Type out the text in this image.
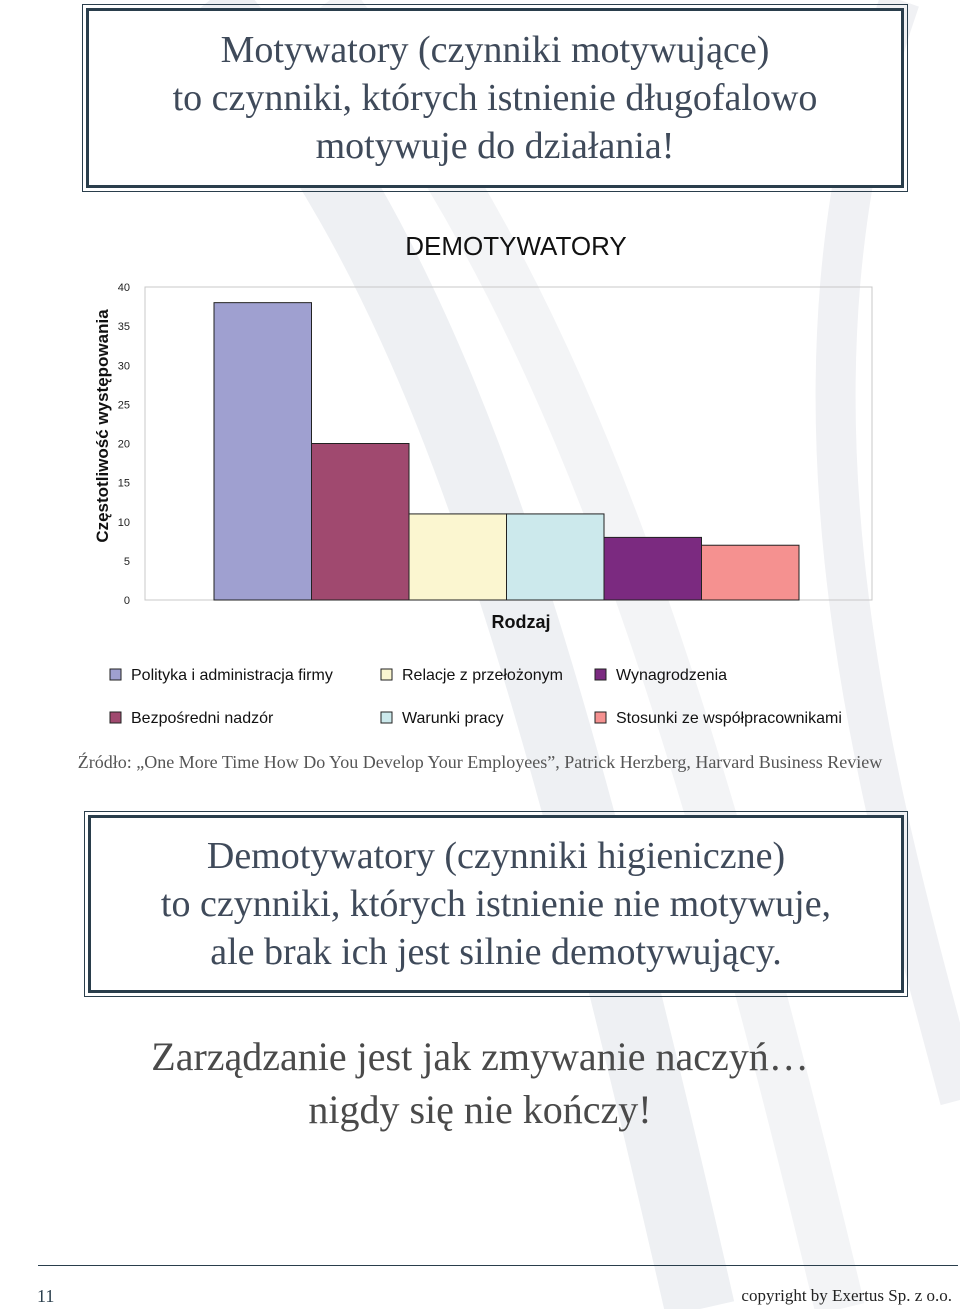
Motywatory (czynniki motywujące)
to czynniki, których istnienie długofalowo
motywuje do działania!
DEMOTYWATORY
Częstotliwość występowania
Rodzaj
0
5
10
15
20
25
30
35
40
Polityka i administracja firmy
Bezpośredni nadzór
Relacje z przełożonym
Warunki pracy
Wynagrodzenia
Stosunki ze współpracownikami
Źródło: „One More Time How Do You Develop Your Employees”, Patrick Herzberg, Harvard Business Review
Demotywatory (czynniki higieniczne)
to czynniki, których istnienie nie motywuje,
ale brak ich jest silnie demotywujący.
Zarządzanie jest jak zmywanie naczyń…
nigdy się nie kończy!
11	copyright by Exertus Sp. z o.o.
